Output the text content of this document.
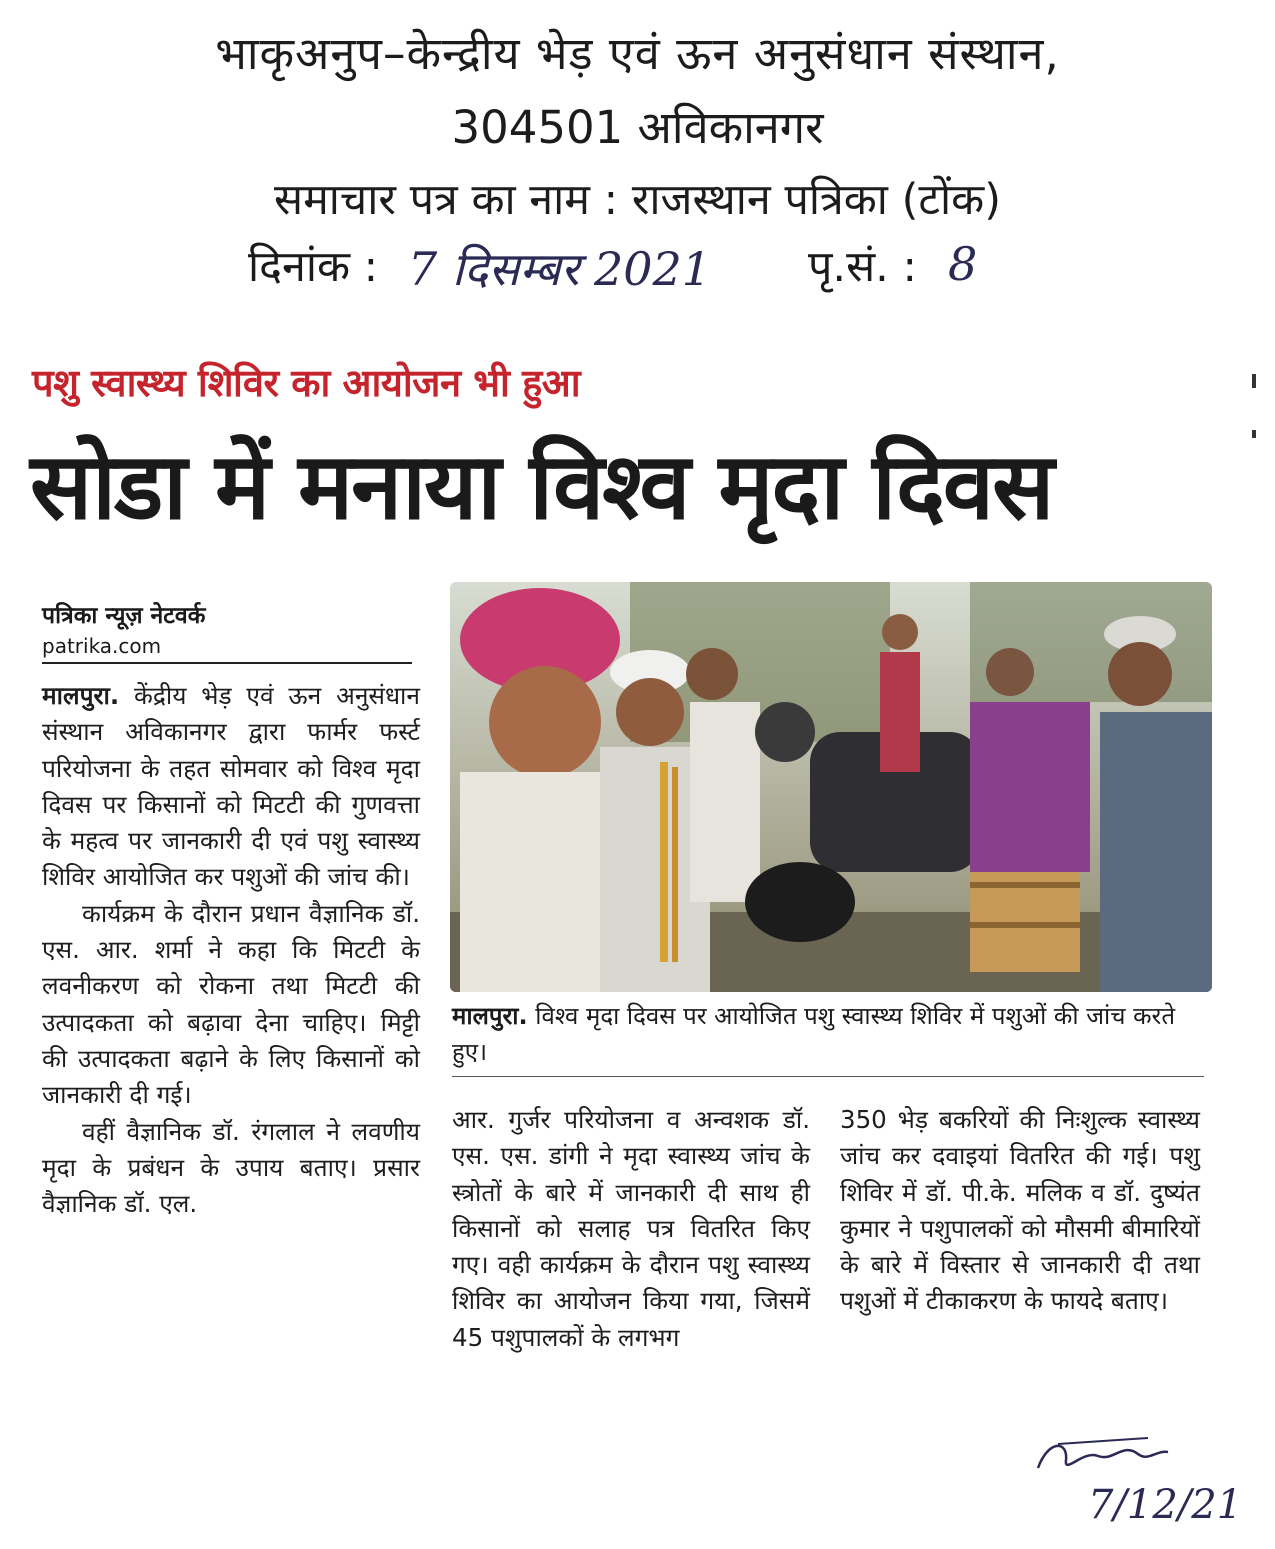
भाकृअनुप–केन्द्रीय भेड़ एवं ऊन अनुसंधान संस्थान,
304501 अविकानगर
समाचार पत्र का नाम : राजस्थान पत्रिका (टोंक)
दिनांक : 7 दिसम्बर 2021 पृ.सं. : 8
पशु स्वास्थ्य शिविर का आयोजन भी हुआ
सोडा में मनाया विश्व मृदा दिवस
पत्रिका न्यूज़ नेटवर्क
patrika.com

मालपुरा. केंद्रीय भेड़ एवं ऊन अनुसंधान संस्थान अविकानगर द्वारा फार्मर फर्स्ट परियोजना के तहत सोमवार को विश्व मृदा दिवस पर किसानों को मिटटी की गुणवत्ता के महत्व पर जानकारी दी एवं पशु स्वास्थ्य शिविर आयोजित कर पशुओं की जांच की।

कार्यक्रम के दौरान प्रधान वैज्ञानिक डॉ. एस. आर. शर्मा ने कहा कि मिटटी के लवनीकरण को रोकना तथा मिटटी की उत्पादकता को बढ़ावा देना चाहिए। मिट्टी की उत्पादकता बढ़ाने के लिए किसानों को जानकारी दी गई।

वहीं वैज्ञानिक डॉ. रंगलाल ने लवणीय मृदा के प्रबंधन के उपाय बताए। प्रसार वैज्ञानिक डॉ. एल.

मालपुरा. विश्व मृदा दिवस पर आयोजित पशु स्वास्थ्य शिविर में पशुओं की जांच करते हुए।

आर. गुर्जर परियोजना व अन्वशक डॉ. एस. एस. डांगी ने मृदा स्वास्थ्य जांच के स्त्रोतों के बारे में जानकारी दी साथ ही किसानों को सलाह पत्र वितरित किए गए। वही कार्यक्रम के दौरान पशु स्वास्थ्य शिविर का आयोजन किया गया, जिसमें 45 पशुपालकों के लगभग

350 भेड़ बकरियों की निःशुल्क स्वास्थ्य जांच कर दवाइयां वितरित की गई। पशु शिविर में डॉ. पी.के. मलिक व डॉ. दुष्यंत कुमार ने पशुपालकों को मौसमी बीमारियों के बारे में विस्तार से जानकारी दी तथा पशुओं में टीकाकरण के फायदे बताए।

7/12/21
